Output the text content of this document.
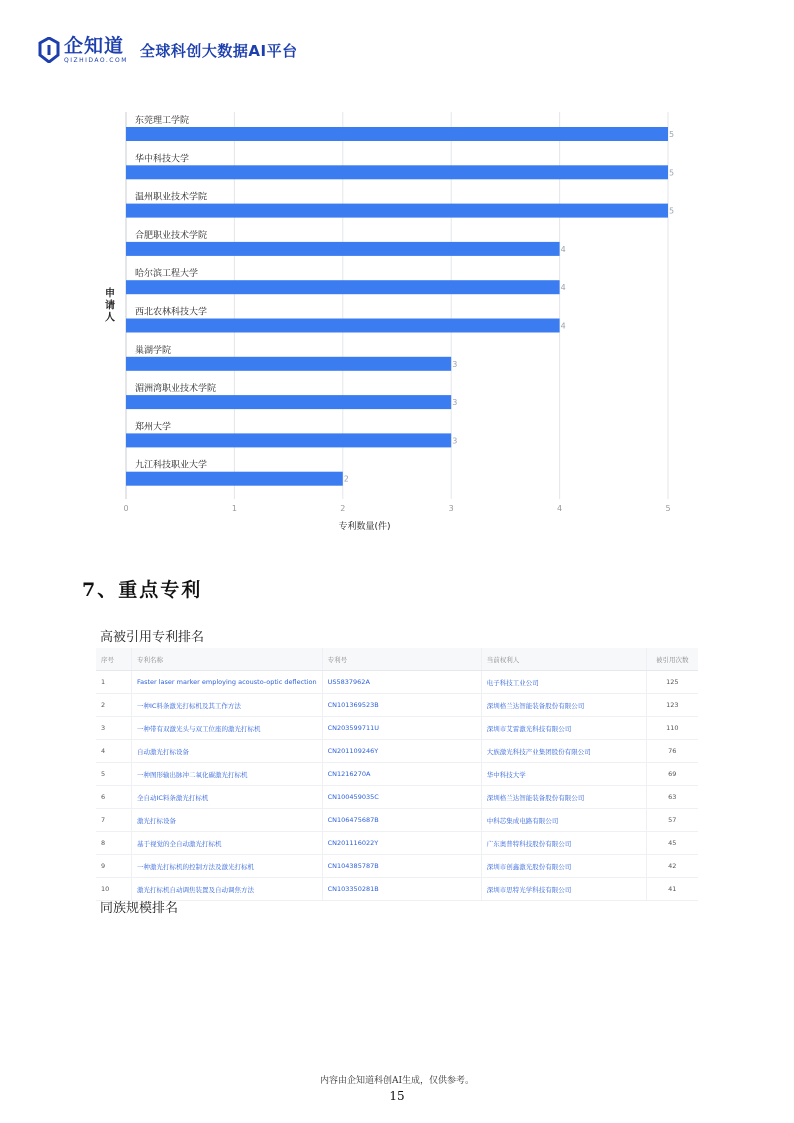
企知道
QIZHIDAO.COM
全球科创大数据AI平台
东莞理工学院
5
华中科技大学
5
温州职业技术学院
5
合肥职业技术学院
4
哈尔滨工程大学
4
西北农林科技大学
4
巢湖学院
3
湄洲湾职业技术学院
3
郑州大学
3
九江科技职业大学
2
0	1	2	3	4	5
专利数量(件)
申
请
人
7、重点专利
高被引用专利排名
序号	专利名称	专利号	当前权利人	被引用次数
1	Faster laser marker employing acousto-optic deflection	US5837962A	电子科技工业公司	125
2	一种IC料条激光打标机及其工作方法	CN101369523B	深圳格兰达智能装备股份有限公司	123
3	一种带有双激光头与双工位座的激光打标机	CN203599711U	深圳市艾雷激光科技有限公司	110
4	自动激光打标设备	CN201109246Y	大族激光科技产业集团股份有限公司	76
5	一种图形输出脉冲二氧化碳激光打标机	CN1216270A	华中科技大学	69
6	全自动IC料条激光打标机	CN100459035C	深圳格兰达智能装备股份有限公司	63
7	激光打标设备	CN106475687B	中科芯集成电路有限公司	57
8	基于视觉的全自动激光打标机	CN201116022Y	广东奥普特科技股份有限公司	45
9	一种激光打标机的控制方法及激光打标机	CN104385787B	深圳市创鑫激光股份有限公司	42
10	激光打标机自动调焦装置及自动调焦方法	CN103350281B	深圳市思特光学科技有限公司	41
同族规模排名
内容由企知道科创AI生成，仅供参考。
15
